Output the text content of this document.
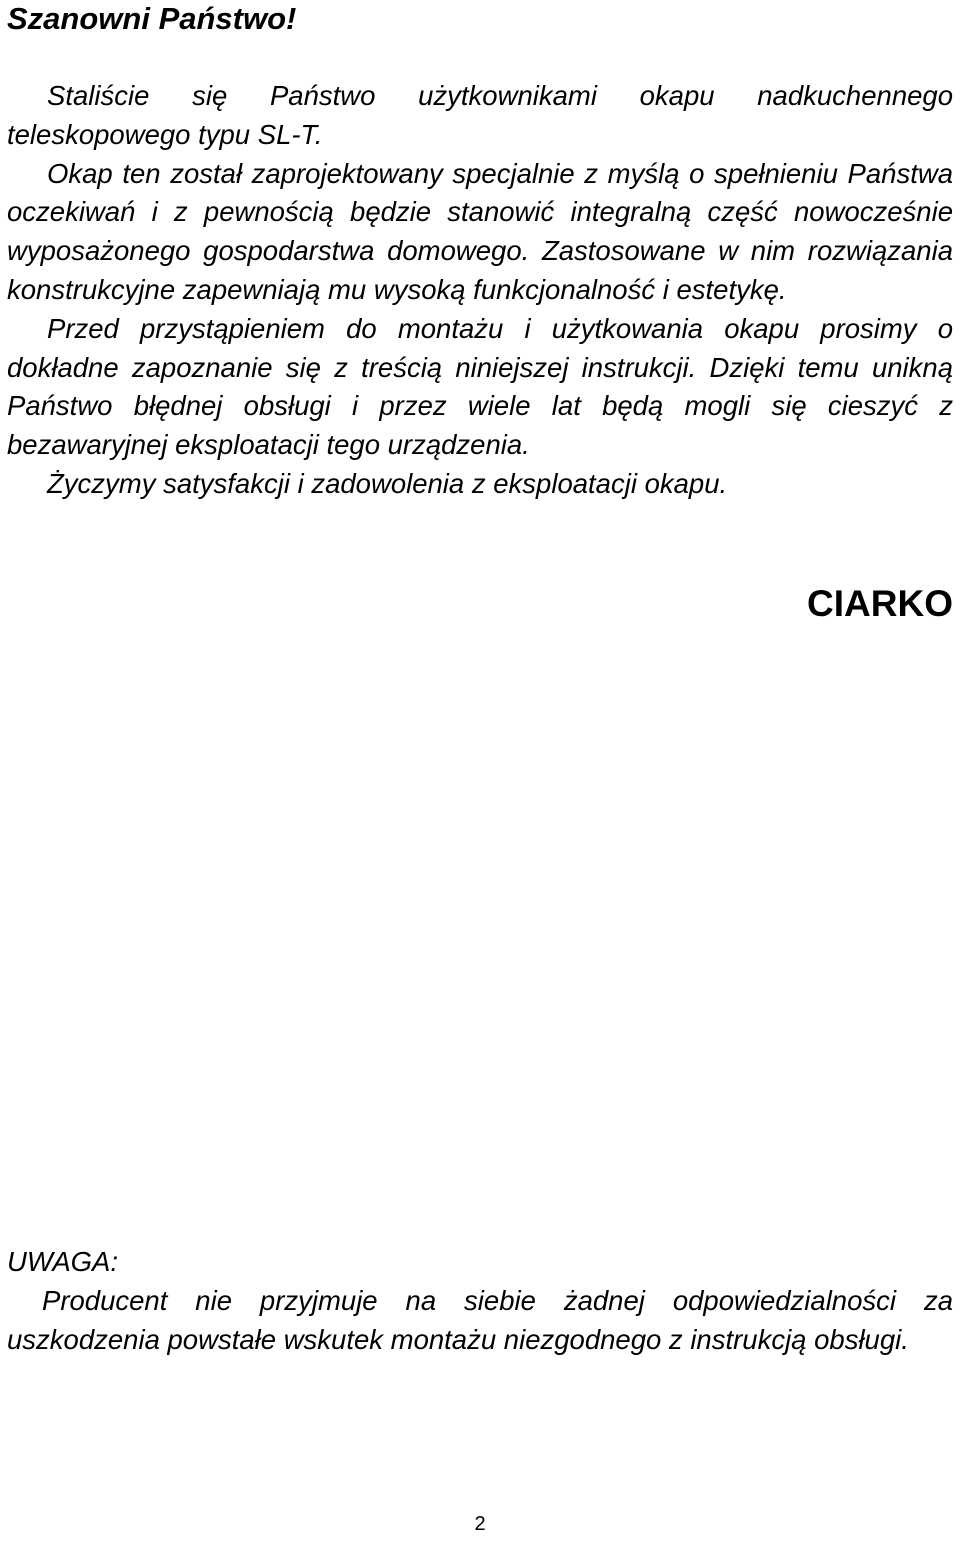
Szanowni Państwo!

Staliście się Państwo użytkownikami okapu nadkuchennego teleskopowego typu SL-T.

Okap ten został zaprojektowany specjalnie z myślą o spełnieniu Państwa oczekiwań i z pewnością będzie stanowić integralną część nowocześnie wyposażonego gospodarstwa domowego. Zastosowane w nim rozwiązania konstrukcyjne zapewniają mu wysoką funkcjonalność i estetykę.

Przed przystąpieniem do montażu i użytkowania okapu prosimy o dokładne zapoznanie się z treścią niniejszej instrukcji. Dzięki temu unikną Państwo błędnej obsługi i przez wiele lat będą mogli się cieszyć z bezawaryjnej eksploatacji tego urządzenia.

Życzymy satysfakcji i zadowolenia z eksploatacji okapu.

CIARKO
UWAGA:

Producent nie przyjmuje na siebie żadnej odpowiedzialności za uszkodzenia powstałe wskutek montażu niezgodnego z instrukcją obsługi.

2
